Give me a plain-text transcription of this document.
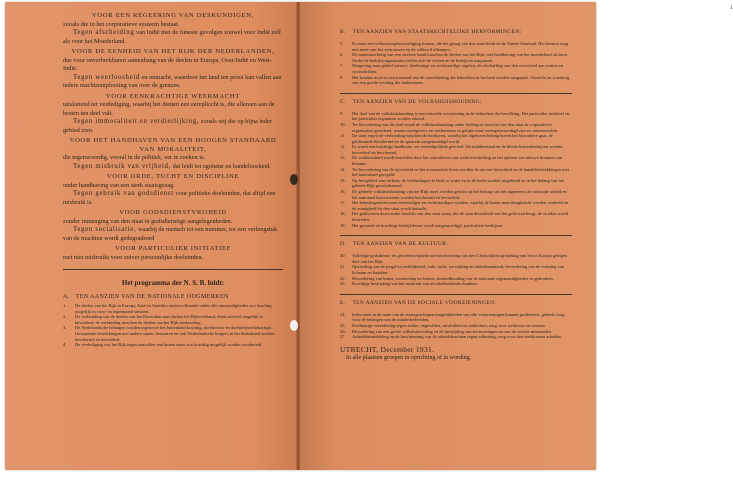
VOOR EEN REGEERING VAN DESKUNDIGEN,

zooals die in het corporatieve systeem bestaat.

Tegen afscheiding van Indië met de funeste gevolgen zoowel voor Indië zelf als voor het Moederland.

VOOR DE EENHEID VAN HET RIJK DER NEDERLANDEN,

dus voor onverbrekbaren samenhang van de deelen in Europa, Oost-Indië en West-Indië.

Tegen weerloosheid en onmacht, waardoor het land ten prooi kan vallen aan iedere machtsontplooiing van over de grenzen.

VOOR EENKRACHTIGE WEERMACHT

uitsluitend ter verdediging, waarbij het dienen een eerepliccht is, die allereen aan de besten ten deel valt.

Tegen immoraliteit en verdierlijking, zooals wij die op bijna ieder gebied zien.

VOOR HET HANDHAVEN VAN EEN HOOGEN STANDAARD VAN MORALITEIT,

die tegenwoordig, vooral in de politiek, ver te zoeken is.

Tegen misbruik van vrijheid, dat leidt tot egoïsme en bandeloosheid.

VOOR ORDE, TUCHT EN DISCIPLINE

onder handhaving van een sterk staatsgezag.

Tegen gebruik van godsdienst voor politieke doeleinden, dat altijd een misbruik is.

VOOR GODSDIENSTVRIJHEID

zonder inmenging van den staat in godsdienstige aangelegenheden.

Tegen socialisatie, waarbij de mensch tot een nummer, tot een verlengstuk van de machine wordt gedegradeerd

VOOR PARTICULIER INITIATIEF

met niet misbruikt voor zuiver persoonlijke doeleinden.

Het programma der N. S. B. luidt:

A. TEN AANZIEN VAN DE NATIONALE OOGMERKEN

1. De deelen van het Rijk in Europa, Azië en Amerika moeten elkander onder alle omstandigheden zoo krachtig mogelijk in voor- en tegenspoed steunen.
2. De verbonding van de deelen van het Dietschen stam buiten het Rijksverband, dient zooveel mogelijk te bevorderd, de verbinding tusschen de deelen van het Rijk aanhouding.
3. De Nederlandsche belangen worden tegenover het buitenland krachtig, doelbewust en doeltreffend behartigd. Gewapende betrekkingen met andere staten, bezwaren en ook Nederlandsche burgers in het buitenland worden beschermd en bevorderd.
4. De verdediging van het Rijk tegen aanvallen van buiten moet zoo krachtig mogelijk worden voorbereid.
1

B. TEN AANZIEN VAN STAATSRECHTELIJKE HERVORMINGEN:

5. Er moet een volksvertegenwoordiging komen, die het gezag van den staat bindt en de Staten-Generaal. Het bestuur mag niet meer van het vertrouwen en de volkswil afhangen.
6. De staatsinrichting van een sterkere band tusschen de deelen van het Rijk, met handhaving van het moederland als kern. Onder de bedrijfsorganisaties zullen zich de wetten en de bedrijven aanpassen.
7. Wetgeving naar geheel nieuwe, doelmatige en rechtvaardige regelen; de afschaffing van den overvloed aan wetten en voorschriften.
8. Het bestuur moet in een toestand van de ontwikkeling der behoeften in het land worden aangepast. Toezicht en waarborg van een goede werking der ambtenaren.

C. TEN AANZIEN VAN DE VOLKSHUISHOUDING:

9. Het doel van de volkshuishouding is een rationele voorziening in de behoeften der bevolking. Het particulier initiatief en het particulier eigendom worden erkend.
10. Ter bevordering van dit doel wordt de volkshuishouding onder leiding en toezicht van den staat in corporatieve organisaties geordend, waarin werkgevers en werknemers in gelijke mate vertegenwoordigd zijn en samenwerken.
11. De staat regelt de verhouding tusschen de bedrijven, waarbij het algemeen belang boven het bijzondere gaat, de geldwaarde beschermd en de spaarzin aangemoedigd wordt.
12. Er wordt een krachtige landbouw- en veeteeltpolitiek gevoerd. De middenstand en de kleine boerenbedrijven worden bevorderd en beschermd.
13. De werkloosheid wordt bestreden door het stimuleeren van werkverschaffing en het openen van nieuwe bronnen van bestaan.
14. Ter bevordering van de nijverheid en het economisch leven worden de uitvoer bevorderd en de handelsbetrekkingen met het buitenland geregeld.
15. Op het gebied van verkeer, de verbindingen te land, te water en in de lucht worden uitgebreid en in het belang van het geheele Rijk gecoördineerd.
16. De geheele volkshuishouding van het Rijk moet worden gericht op het belang van het algemeen; de nationale arbeid en het nationaal bezit moeten worden beschermd en bevorderd.
17. Het belastingstelsel moet eenvoudiger en rechtvaardiger worden, waarbij de lasten naar draagkracht worden verdeeld en de zuinigheid bij den staat wordt betracht.
18. Het geldwezen moet onder toezicht van den staat staan, die de waardevastheid van het geld waarborgt; de woeker wordt bestreden.
19. Het gezonde en krachtige bedrijfsleven wordt aangemoedigd, particuliere bedrijven.

D. TEN AANZIEN VAN DE KULTUUR:

20. Volledige godsdienst- en gewetensvrijheid met bescherming van den Christelijken grondslag van het in Europa gelegen deel van het Rijk.
21. Opvoeding van de jeugd tot zedelijkheid, orde, tucht, toewijding en arbeidzaamheid, bevordering van de vorming van lichaam en karakter.
22. Bevordering van kunst, wetenschap en kennis; instandhouding van de nationale eigenaardigheden en gebruiken.
23. Krachtige bestrijding van het misbruik van alcoholhoudende dranken.

E. TEN AANZIEN VAN DE SOCIALE VOORZIENINGEN:

24. Ieder moet in de mate van de staatsgeschapen mogelijkheden van alle voorzieningen kunnen profiteeren; geheele zorg voor de belangen van de minderbedeelden.
25. Doelmatige verzekering tegen ziekte, ongevallen, invaliditeit en ouderdom; zorg voor weduwen en weezen.
26. Bevordering van een goede volkshuisvesting en de bestrijding van krotwoningen en van de sociale misstanden.
27. Arbeidsbemiddeling en de bescherming van de arbeidskrachten tegen uitbuiting; zorg voor den werkloozen arbeider.
UTRECHT, December 1931.
In alle plaatsen groepen in oprichting of in wording.
